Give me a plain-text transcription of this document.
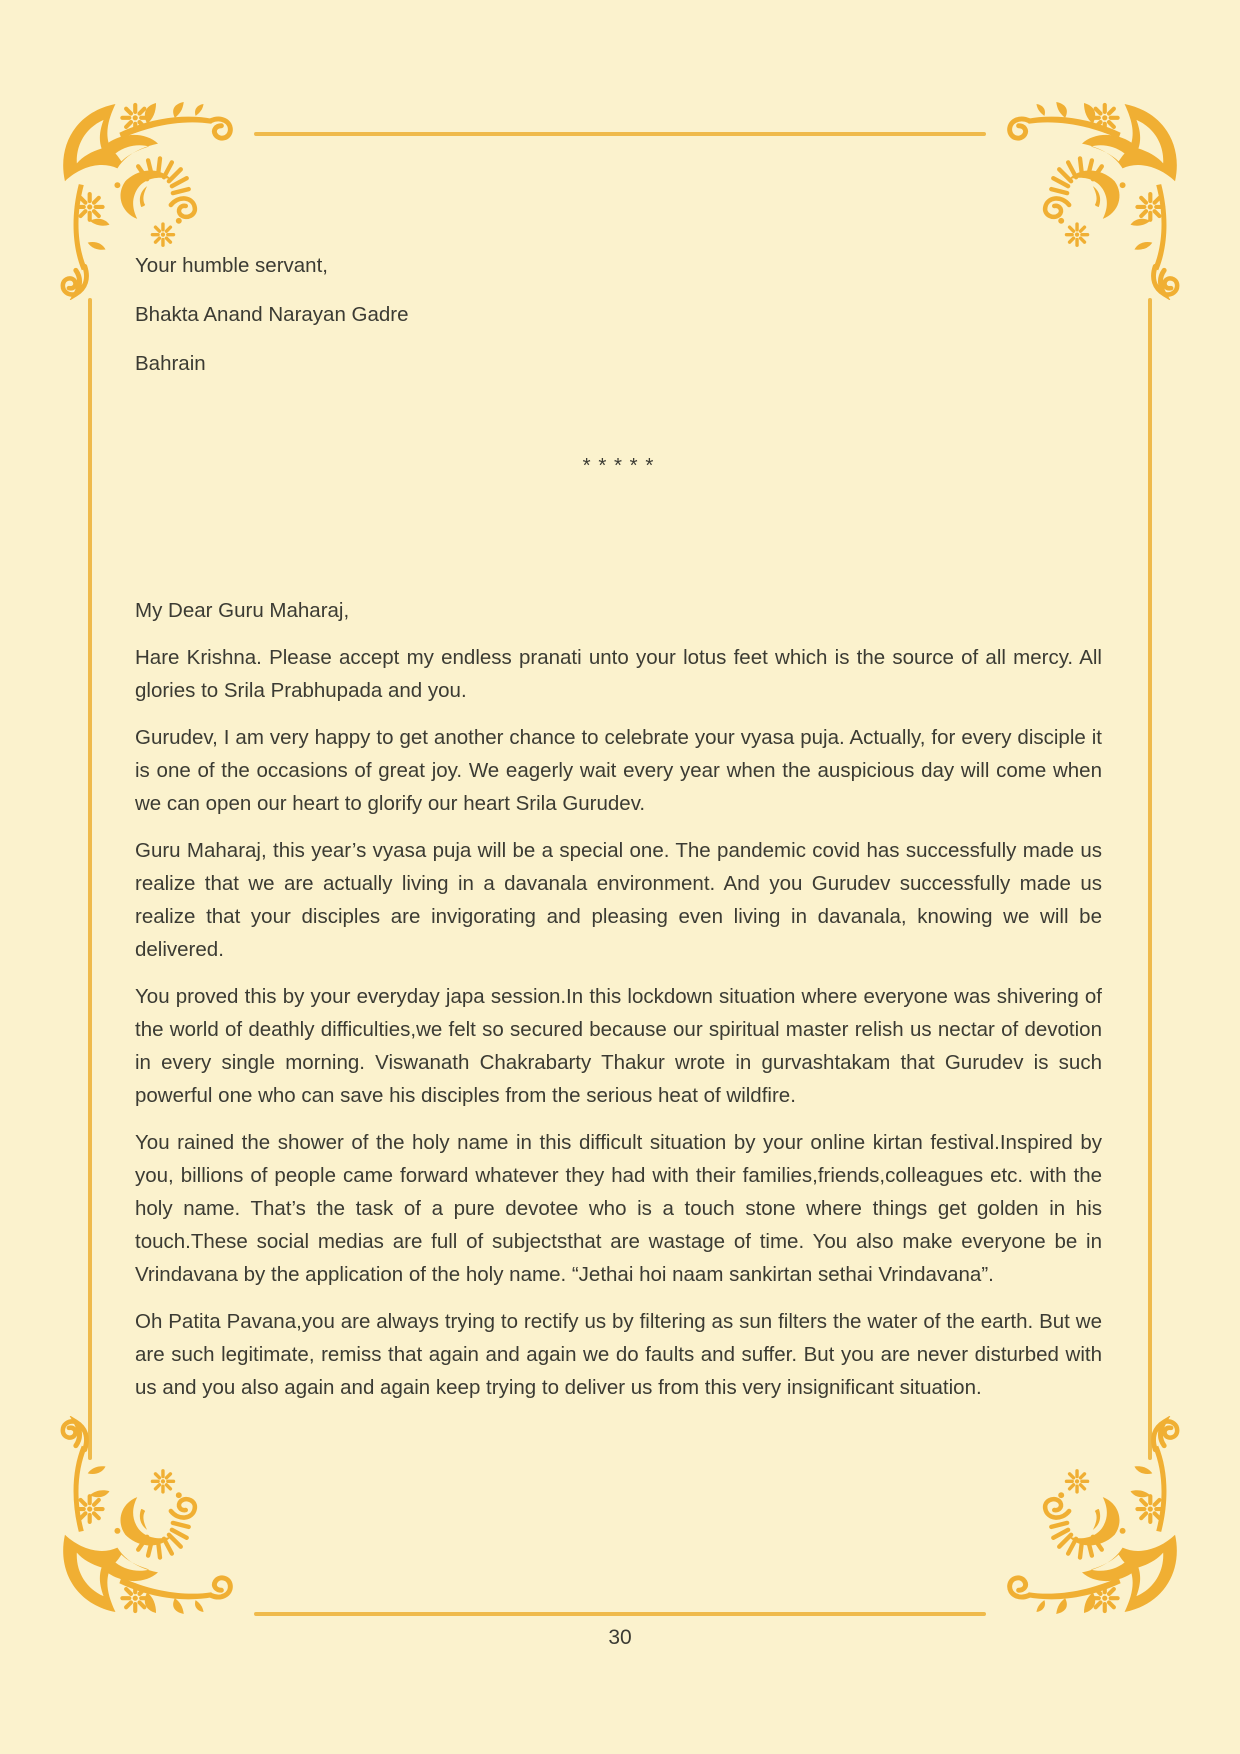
Your humble servant,

Bhakta Anand Narayan Gadre

Bahrain

* * * * *

My Dear Guru Maharaj,

Hare Krishna. Please accept my endless pranati unto your lotus feet which is the source of all mercy. All glories to Srila Prabhupada and you.

Gurudev, I am very happy to get another chance to celebrate your vyasa puja. Actually, for every disciple it is one of the occasions of great joy. We eagerly wait every year when the auspicious day will come when we can open our heart to glorify our heart Srila Gurudev.

Guru Maharaj, this year’s vyasa puja will be a special one. The pandemic covid has successfully made us realize that we are actually living in a davanala environment. And you Gurudev successfully made us realize that your disciples are invigorating and pleasing even living in davanala, knowing we will be delivered.

You proved this by your everyday japa session.In this lockdown situation where everyone was shivering of the world of deathly difficulties,we felt so secured because our spiritual master relish us nectar of devotion in every single morning. Viswanath Chakrabarty Thakur wrote in gurvashtakam that Gurudev is such powerful one who can save his disciples from the serious heat of wildfire.

You rained the shower of the holy name in this difficult situation by your online kirtan festival.Inspired by you, billions of people came forward whatever they had with their families,friends,colleagues etc. with the holy name. That’s the task of a pure devotee who is a touch stone where things get golden in his touch.These social medias are full of subjectsthat are wastage of time. You also make everyone be in Vrindavana by the application of the holy name. “Jethai hoi naam sankirtan sethai Vrindavana”.

Oh Patita Pavana,you are always trying to rectify us by filtering as sun filters the water of the earth. But we are such legitimate, remiss that again and again we do faults and suffer. But you are never disturbed with us and you also again and again keep trying to deliver us from this very insignificant situation.

30
